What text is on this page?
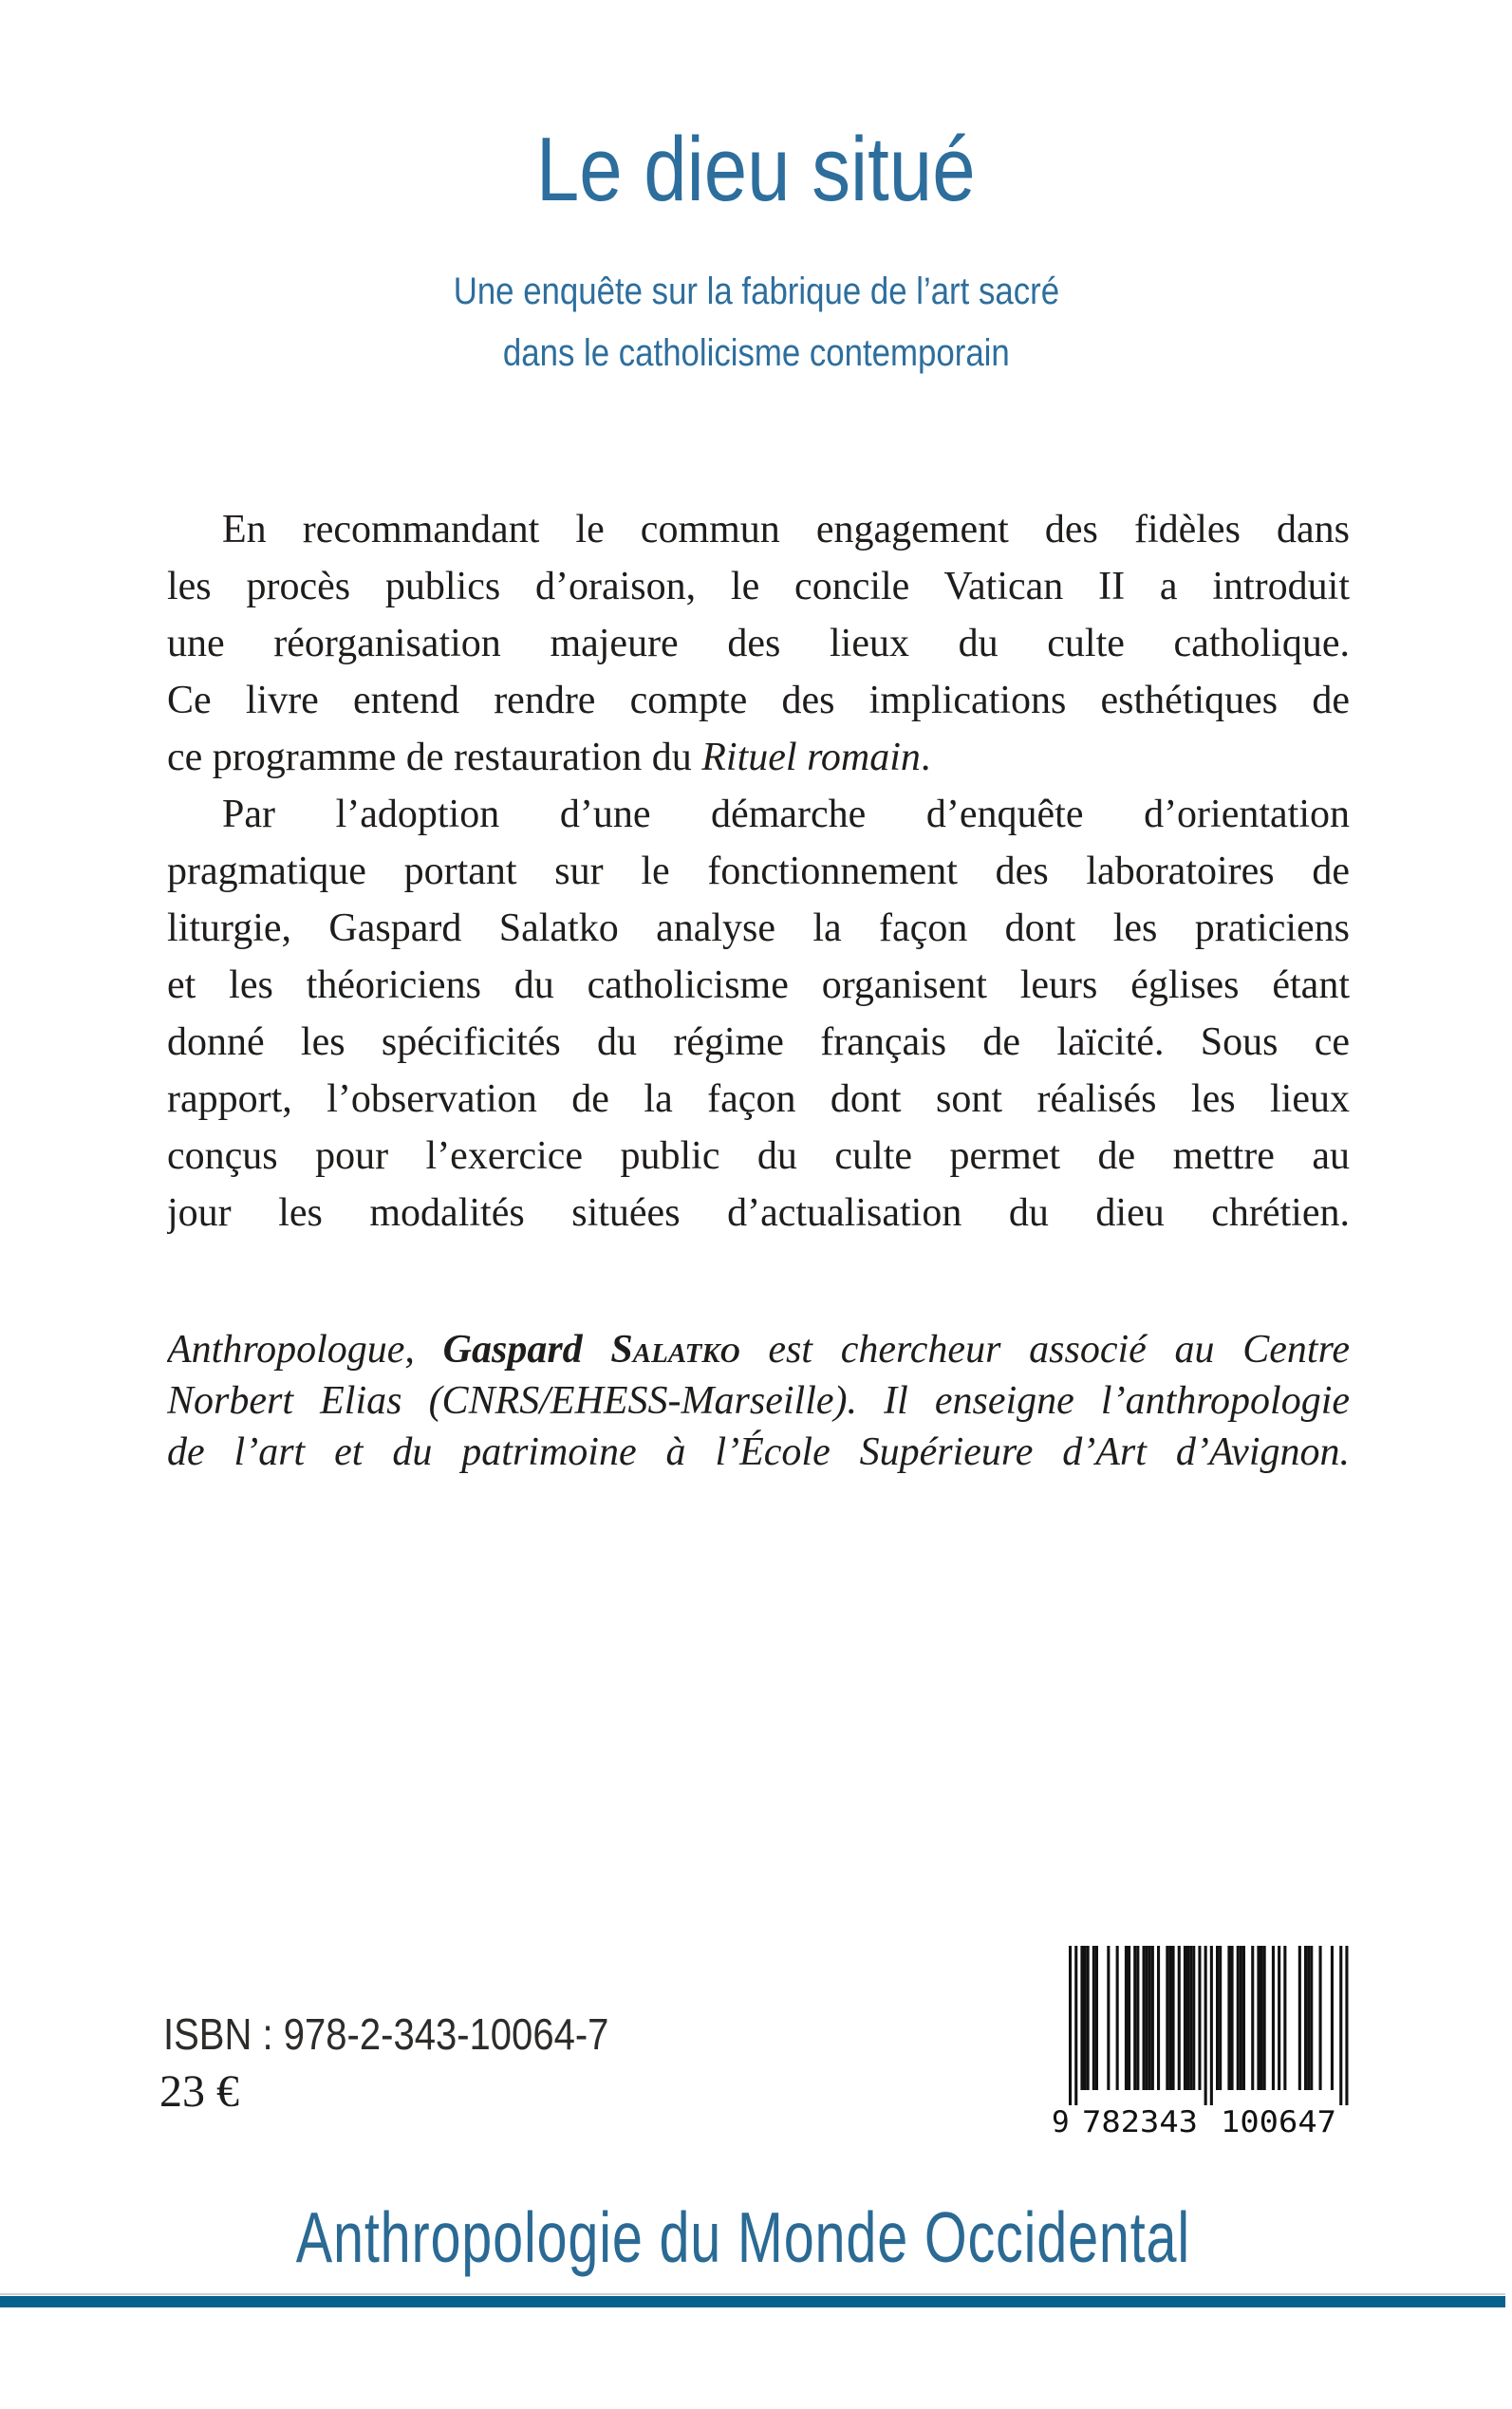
Le dieu situé
Une enquête sur la fabrique de l’art sacré
dans le catholicisme contemporain
En recommandant le commun engagement des fidèles dans
les procès publics d’oraison, le concile Vatican II a introduit
une réorganisation majeure des lieux du culte catholique.
Ce livre entend rendre compte des implications esthétiques de
ce programme de restauration du Rituel romain.
Par l’adoption d’une démarche d’enquête d’orientation
pragmatique portant sur le fonctionnement des laboratoires de
liturgie, Gaspard Salatko analyse la façon dont les praticiens
et les théoriciens du catholicisme organisent leurs églises étant
donné les spécificités du régime français de laïcité. Sous ce
rapport, l’observation de la façon dont sont réalisés les lieux
conçus pour l’exercice public du culte permet de mettre au
jour les modalités situées d’actualisation du dieu chrétien.
Anthropologue, Gaspard Salatko est chercheur associé au Centre
Norbert Elias (CNRS/EHESS-Marseille). Il enseigne l’anthropologie
de l’art et du patrimoine à l’École Supérieure d’Art d’Avignon.
ISBN : 978-2-343-10064-7
23 €
9 782343 100647
Anthropologie du Monde Occidental
